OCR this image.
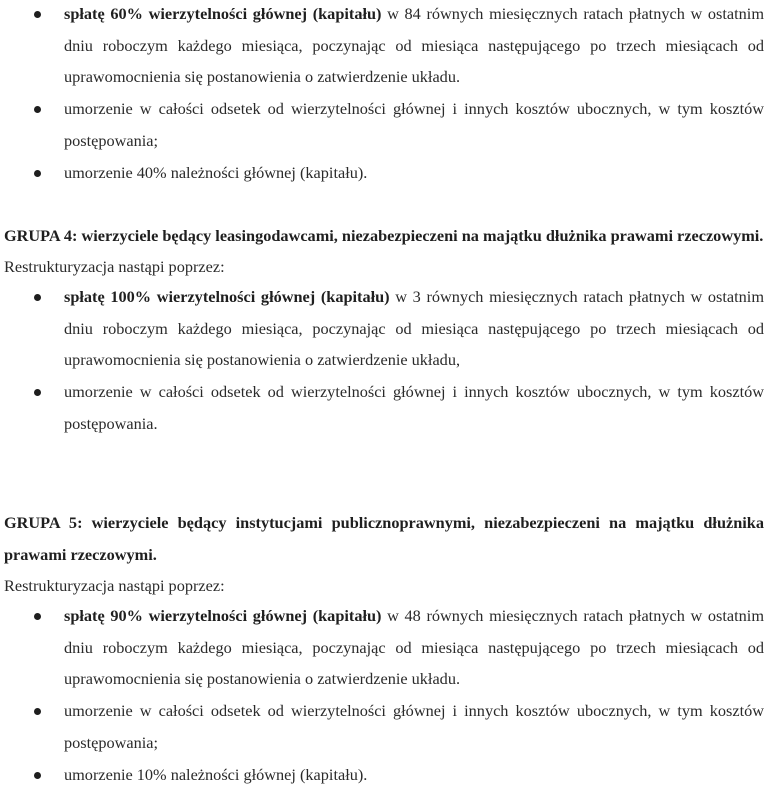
spłatę 60% wierzytelności głównej (kapitału) w 84 równych miesięcznych ratach płatnych w ostatnim dniu roboczym każdego miesiąca, poczynając od miesiąca następującego po trzech miesiącach od uprawomocnienia się postanowienia o zatwierdzenie układu.
umorzenie w całości odsetek od wierzytelności głównej i innych kosztów ubocznych, w tym kosztów postępowania;
umorzenie 40% należności głównej (kapitału).

GRUPA 4: wierzyciele będący leasingodawcami, niezabezpieczeni na majątku dłużnika prawami rzeczowymi.

Restrukturyzacja nastąpi poprzez:

spłatę 100% wierzytelności głównej (kapitału) w 3 równych miesięcznych ratach płatnych w ostatnim dniu roboczym każdego miesiąca, poczynając od miesiąca następującego po trzech miesiącach od uprawomocnienia się postanowienia o zatwierdzenie układu,
umorzenie w całości odsetek od wierzytelności głównej i innych kosztów ubocznych, w tym kosztów postępowania.

GRUPA 5: wierzyciele będący instytucjami publicznoprawnymi, niezabezpieczeni na majątku dłużnika prawami rzeczowymi.

Restrukturyzacja nastąpi poprzez:

spłatę 90% wierzytelności głównej (kapitału) w 48 równych miesięcznych ratach płatnych w ostatnim dniu roboczym każdego miesiąca, poczynając od miesiąca następującego po trzech miesiącach od uprawomocnienia się postanowienia o zatwierdzenie układu.
umorzenie w całości odsetek od wierzytelności głównej i innych kosztów ubocznych, w tym kosztów postępowania;
umorzenie 10% należności głównej (kapitału).
